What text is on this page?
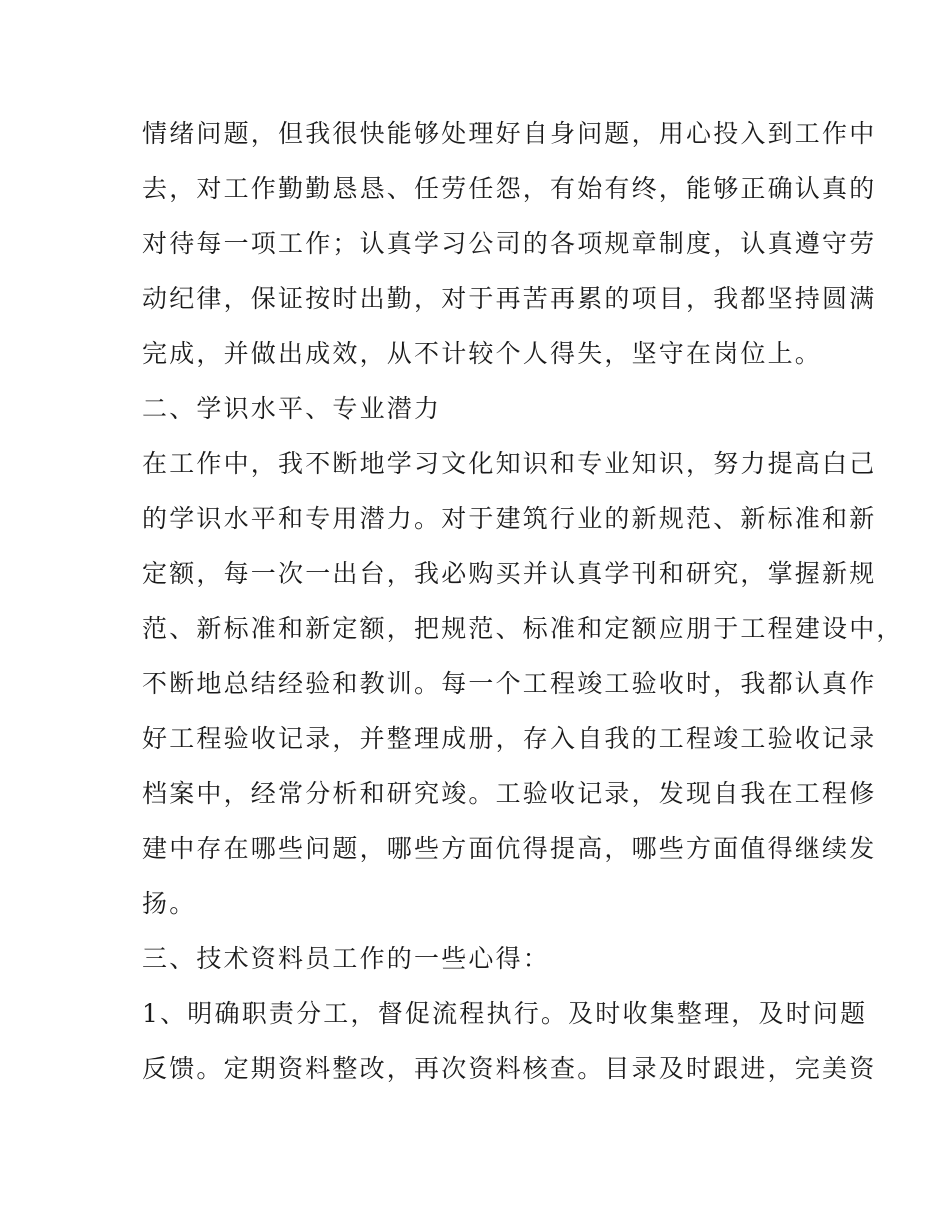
情绪问题，但我很快能够处理好自身问题，用心投入到工作中
去，对工作勤勤恳恳、任劳任怨，有始有终，能够正确认真的
对待每一项工作；认真学习公司的各项规章制度，认真遵守劳
动纪律，保证按时出勤，对于再苦再累的项目，我都坚持圆满
完成，并做出成效，从不计较个人得失，坚守在岗位上。
二、学识水平、专业潜力
在工作中，我不断地学习文化知识和专业知识，努力提高白己
的学识水平和专用潜力。对于建筑行业的新规范、新标准和新
定额，每一次一出台，我必购买并认真学刊和研究，掌握新规
范、新标准和新定额，把规范、标准和定额应朋于工程建设中，
不断地总结经验和教训。每一个工程竣工验收时，我都认真作
好工程验收记录，并整理成册，存入自我的工程竣工验收记录
档案中，经常分析和研究竣。工验收记录，发现自我在工程修
建中存在哪些问题，哪些方面伉得提高，哪些方面值得继续发
扬。
三、技术资料员工作的一些心得：
1、明确职责分工，督促流程执行。及时收集整理，及时问题
反馈。定期资料整改，再次资料核查。目录及时跟进，完美资
